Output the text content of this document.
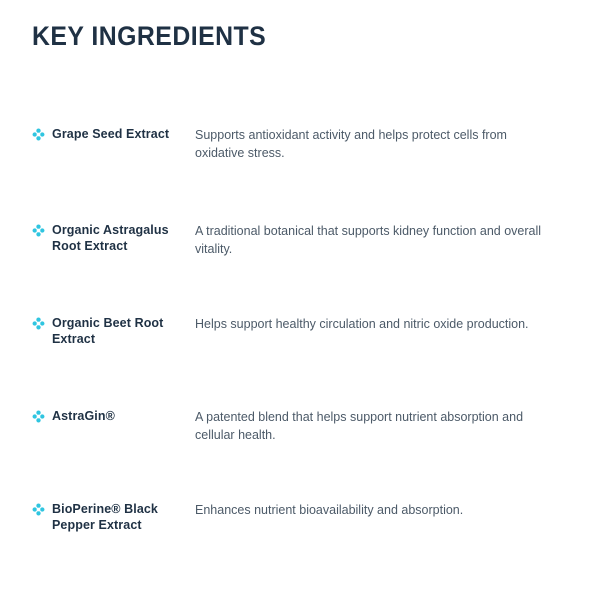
KEY INGREDIENTS
Grape Seed Extract Supports antioxidant activity and helps protect cells from oxidative stress.
Organic Astragalus Root Extract
A traditional botanical that supports kidney function and overall vitality.
Organic Beet Root Extract
Helps support healthy circulation and nitric oxide production.
AstraGin®	A patented blend that helps support nutrient absorption and cellular health.
BioPerine® Black Pepper Extract
Enhances nutrient bioavailability and absorption.
